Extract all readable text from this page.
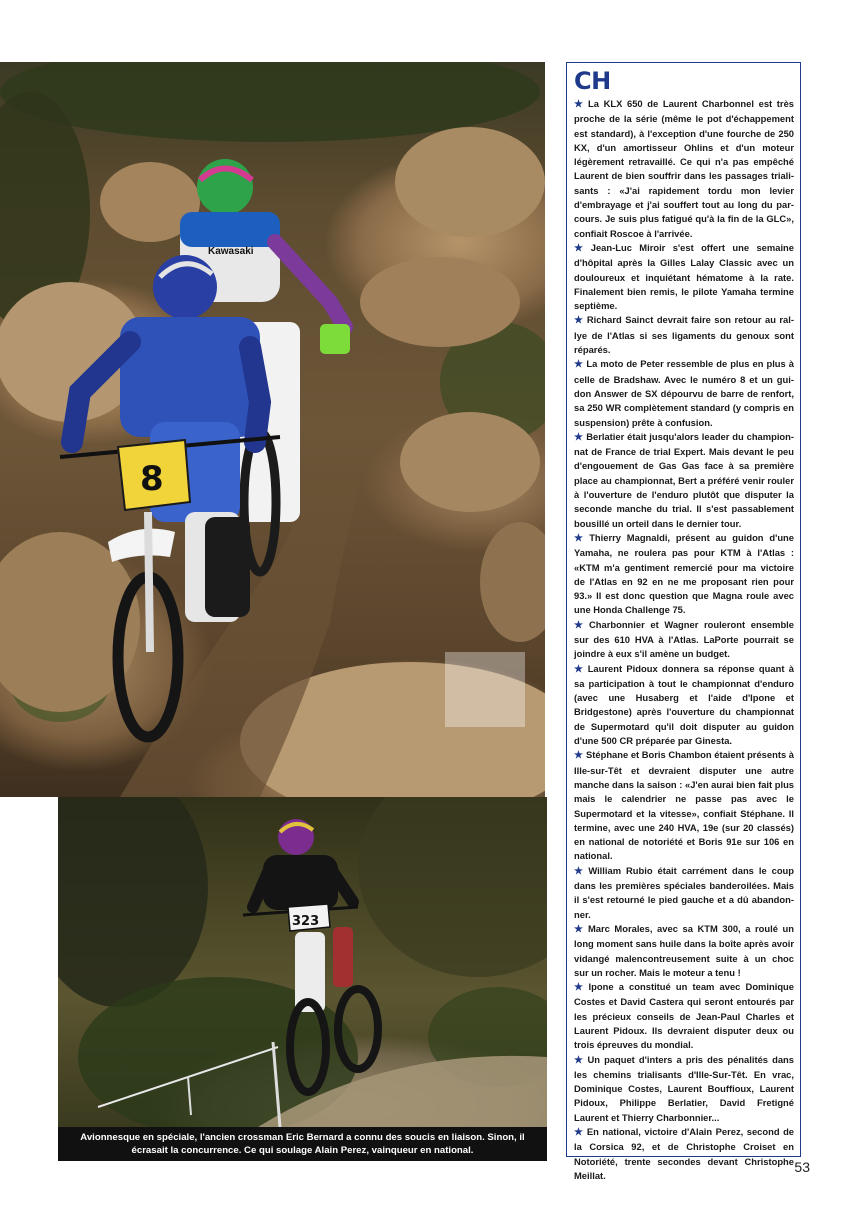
Kawasaki
8
323
Avionnesque en spéciale, l'ancien crossman Eric Bernard a connu des soucis en liaison. Sinon, il écrasait la concurrence. Ce qui soulage Alain Perez, vainqueur en national.
CH
★ La KLX 650 de Laurent Charbonnel est très proche de la série (même le pot d'échappement est standard), à l'exception d'une fourche de 250 KX, d'un amortisseur Ohlins et d'un moteur légèrement retravaillé. Ce qui n'a pas empêché Laurent de bien souffrir dans les passages triali-sants : «J'ai rapidement tordu mon levier d'embrayage et j'ai souffert tout au long du par-cours. Je suis plus fatigué qu'à la fin de la GLC», confiait Roscoe à l'arrivée.
★ Jean-Luc Miroir s'est offert une semaine d'hôpital après la Gilles Lalay Classic avec un douloureux et inquiétant hématome à la rate. Finalement bien remis, le pilote Yamaha termine septième.
★ Richard Sainct devrait faire son retour au ral-lye de l'Atlas si ses ligaments du genoux sont réparés.
★ La moto de Peter ressemble de plus en plus à celle de Bradshaw. Avec le numéro 8 et un gui-don Answer de SX dépourvu de barre de renfort, sa 250 WR complètement standard (y compris en suspension) prête à confusion.
★ Berlatier était jusqu'alors leader du champion-nat de France de trial Expert. Mais devant le peu d'engouement de Gas Gas face à sa première place au championnat, Bert a préféré venir rouler à l'ouverture de l'enduro plutôt que disputer la seconde manche du trial. Il s'est passablement bousillé un orteil dans le dernier tour.
★ Thierry Magnaldi, présent au guidon d'une Yamaha, ne roulera pas pour KTM à l'Atlas : «KTM m'a gentiment remercié pour ma victoire de l'Atlas en 92 en ne me proposant rien pour 93.» Il est donc question que Magna roule avec une Honda Challenge 75.
★ Charbonnier et Wagner rouleront ensemble sur des 610 HVA à l'Atlas. LaPorte pourrait se joindre à eux s'il amène un budget.
★ Laurent Pidoux donnera sa réponse quant à sa participation à tout le championnat d'enduro (avec une Husaberg et l'aide d'Ipone et Bridgestone) après l'ouverture du championnat de Supermotard qu'il doit disputer au guidon d'une 500 CR préparée par Ginesta.
★ Stéphane et Boris Chambon étaient présents à Ille-sur-Têt et devraient disputer une autre manche dans la saison : «J'en aurai bien fait plus mais le calendrier ne passe pas avec le Supermotard et la vitesse», confiait Stéphane. Il termine, avec une 240 HVA, 19e (sur 20 classés) en national de notoriété et Boris 91e sur 106 en national.
★ William Rubio était carrément dans le coup dans les premières spéciales banderoilées. Mais il s'est retourné le pied gauche et a dû abandon-ner.
★ Marc Morales, avec sa KTM 300, a roulé un long moment sans huile dans la boîte après avoir vidangé malencontreusement suite à un choc sur un rocher. Mais le moteur a tenu !
★ Ipone a constitué un team avec Dominique Costes et David Castera qui seront entourés par les précieux conseils de Jean-Paul Charles et Laurent Pidoux. Ils devraient disputer deux ou trois épreuves du mondial.
★ Un paquet d'inters a pris des pénalités dans les chemins trialisants d'Ille-Sur-Têt. En vrac, Dominique Costes, Laurent Bouffioux, Laurent Pidoux, Philippe Berlatier, David Fretigné Laurent et Thierry Charbonnier...
★ En national, victoire d'Alain Perez, second de la Corsica 92, et de Christophe Croiset en Notoriété, trente secondes devant Christophe Meillat.
53
